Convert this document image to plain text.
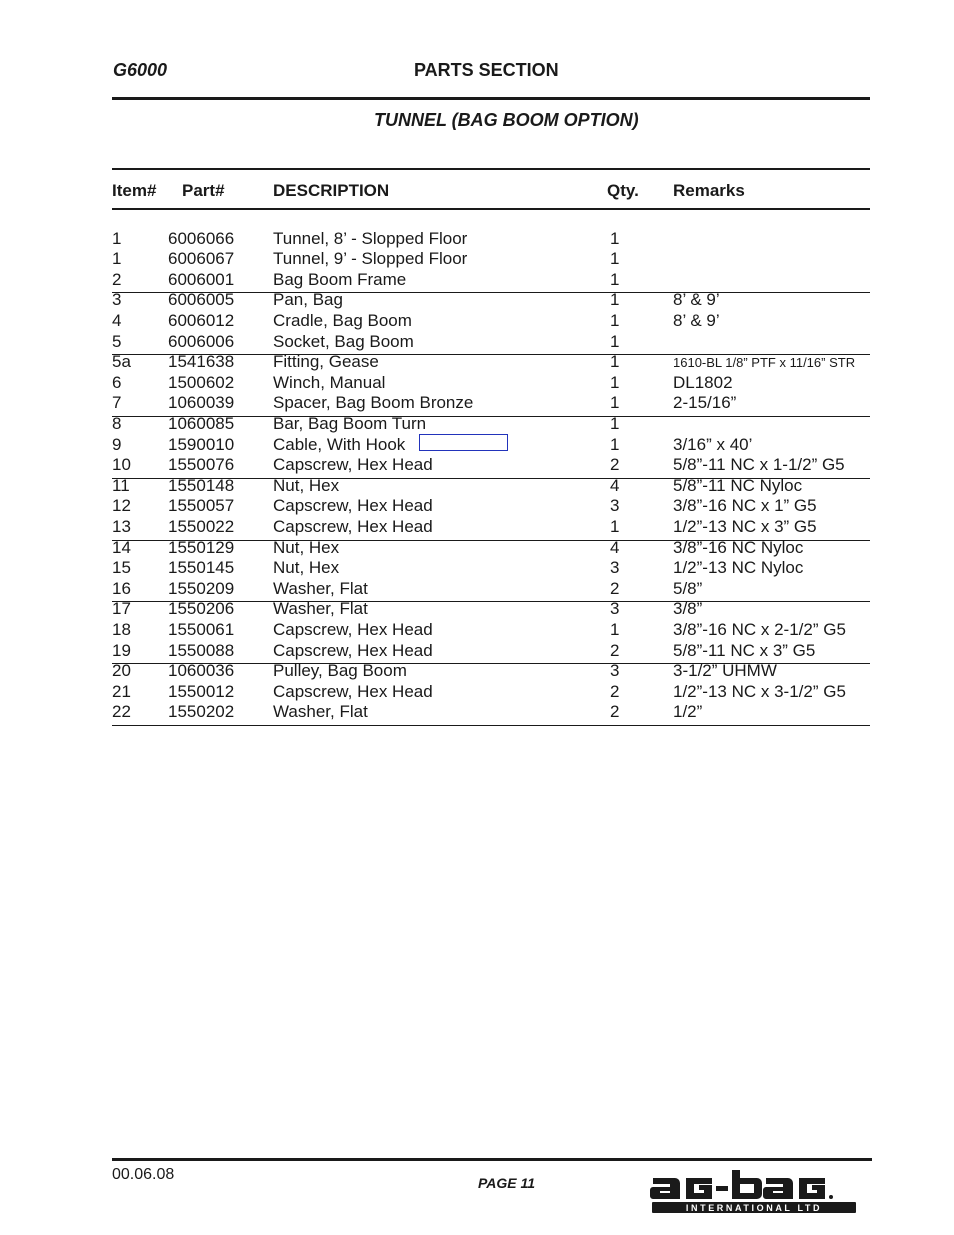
G6000	PARTS SECTION
TUNNEL (BAG BOOM OPTION)
Item# Part#	DESCRIPTION	Qty. Remarks
1	6006066 Tunnel, 8’ - Slopped Floor	1
1	6006067 Tunnel, 9’ - Slopped Floor	1
2	6006001 Bag Boom Frame	1
3	6006005 Pan, Bag	1	8’ & 9’
4	6006012 Cradle, Bag Boom	1	8’ & 9’
5	6006006 Socket, Bag Boom	1
5a 1541638 Fitting, Gease	1	1610-BL 1/8” PTF x 11/16” STR
6	1500602 Winch, Manual	1	DL1802
7	1060039 Spacer, Bag Boom Bronze	1	2-15/16”
8	1060085 Bar, Bag Boom Turn	1
9	1590010 Cable, With Hook	1	3/16” x 40’
10 1550076 Capscrew, Hex Head	2	5/8”-11 NC x 1-1/2” G5
11 1550148 Nut, Hex	4	5/8”-11 NC Nyloc
12 1550057 Capscrew, Hex Head	3	3/8”-16 NC x 1” G5
13 1550022 Capscrew, Hex Head	1	1/2”-13 NC x 3” G5
14 1550129 Nut, Hex	4	3/8”-16 NC Nyloc
15 1550145 Nut, Hex	3	1/2”-13 NC Nyloc
16 1550209 Washer, Flat	2	5/8”
17 1550206 Washer, Flat	3	3/8”
18 1550061 Capscrew, Hex Head	1	3/8”-16 NC x 2-1/2” G5
19 1550088 Capscrew, Hex Head	2	5/8”-11 NC x 3” G5
20 1060036 Pulley, Bag Boom	3	3-1/2” UHMW
21 1550012 Capscrew, Hex Head	2	1/2”-13 NC x 3-1/2” G5
22 1550202 Washer, Flat	2	1/2”
00.06.08	PAGE 11
INTERNATIONAL LTD
